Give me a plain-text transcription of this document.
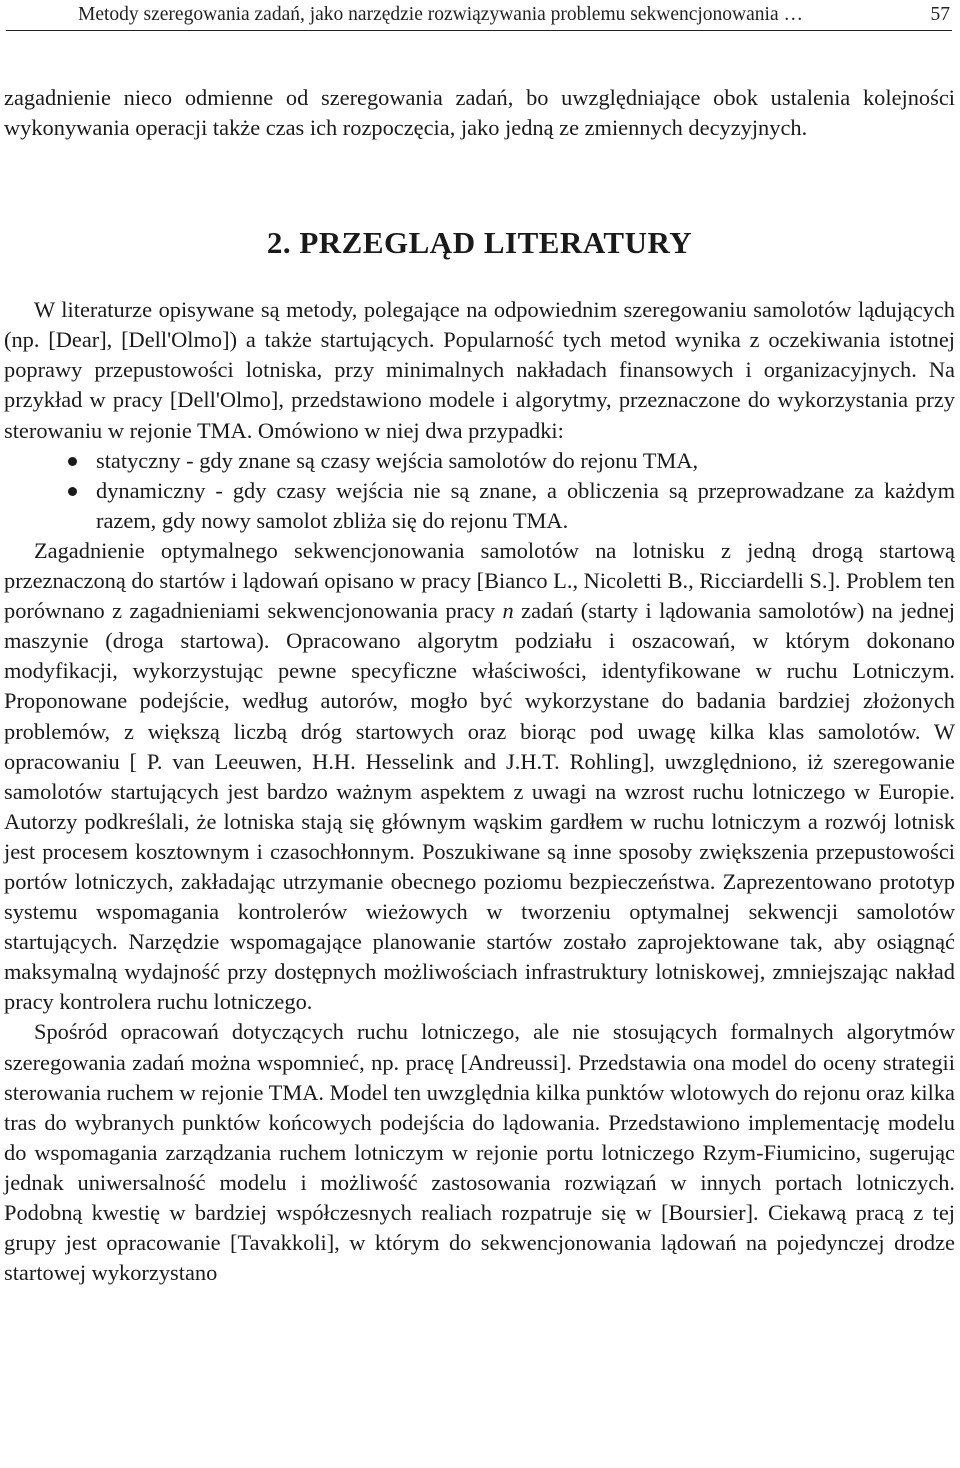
Metody szeregowania zadań, jako narzędzie rozwiązywania problemu sekwencjonowania …	57

zagadnienie nieco odmienne od szeregowania zadań, bo uwzględniające obok ustalenia kolejności wykonywania operacji także czas ich rozpoczęcia, jako jedną ze zmiennych decyzyjnych.

2. PRZEGLĄD LITERATURY

W literaturze opisywane są metody, polegające na odpowiednim szeregowaniu samolotów lądujących (np. [Dear], [Dell'Olmo]) a także startujących. Popularność tych metod wynika z oczekiwania istotnej poprawy przepustowości lotniska, przy minimalnych nakładach finansowych i organizacyjnych. Na przykład w pracy [Dell'Olmo], przedstawiono modele i algorytmy, przeznaczone do wykorzystania przy sterowaniu w rejonie TMA. Omówiono w niej dwa przypadki:

statyczny - gdy znane są czasy wejścia samolotów do rejonu TMA,
dynamiczny - gdy czasy wejścia nie są znane, a obliczenia są przeprowadzane za każdym razem, gdy nowy samolot zbliża się do rejonu TMA.

Zagadnienie optymalnego sekwencjonowania samolotów na lotnisku z jedną drogą startową przeznaczoną do startów i lądowań opisano w pracy [Bianco L., Nicoletti B., Ricciardelli S.]. Problem ten porównano z zagadnieniami sekwencjonowania pracy n zadań (starty i lądowania samolotów) na jednej maszynie (droga startowa). Opracowano algorytm podziału i oszacowań, w którym dokonano modyfikacji, wykorzystując pewne specyficzne właściwości, identyfikowane w ruchu Lotniczym. Proponowane podejście, według autorów, mogło być wykorzystane do badania bardziej złożonych problemów, z większą liczbą dróg startowych oraz biorąc pod uwagę kilka klas samolotów. W opracowaniu [ P. van Leeuwen, H.H. Hesselink and J.H.T. Rohling], uwzględniono, iż szeregowanie samolotów startujących jest bardzo ważnym aspektem z uwagi na wzrost ruchu lotniczego w Europie. Autorzy podkreślali, że lotniska stają się głównym wąskim gardłem w ruchu lotniczym a rozwój lotnisk jest procesem kosztownym i czasochłonnym. Poszukiwane są inne sposoby zwiększenia przepustowości portów lotniczych, zakładając utrzymanie obecnego poziomu bezpieczeństwa. Zaprezentowano prototyp systemu wspomagania kontrolerów wieżowych w tworzeniu optymalnej sekwencji samolotów startujących. Narzędzie wspomagające planowanie startów zostało zaprojektowane tak, aby osiągnąć maksymalną wydajność przy dostępnych możliwościach infrastruktury lotniskowej, zmniejszając nakład pracy kontrolera ruchu lotniczego.

Spośród opracowań dotyczących ruchu lotniczego, ale nie stosujących formalnych algorytmów szeregowania zadań można wspomnieć, np. pracę [Andreussi]. Przedstawia ona model do oceny strategii sterowania ruchem w rejonie TMA. Model ten uwzględnia kilka punktów wlotowych do rejonu oraz kilka tras do wybranych punktów końcowych podejścia do lądowania. Przedstawiono implementację modelu do wspomagania zarządzania ruchem lotniczym w rejonie portu lotniczego Rzym-Fiumicino, sugerując jednak uniwersalność modelu i możliwość zastosowania rozwiązań w innych portach lotniczych. Podobną kwestię w bardziej współczesnych realiach rozpatruje się w [Boursier]. Ciekawą pracą z tej grupy jest opracowanie [Tavakkoli], w którym do sekwencjonowania lądowań na pojedynczej drodze startowej wykorzystano
